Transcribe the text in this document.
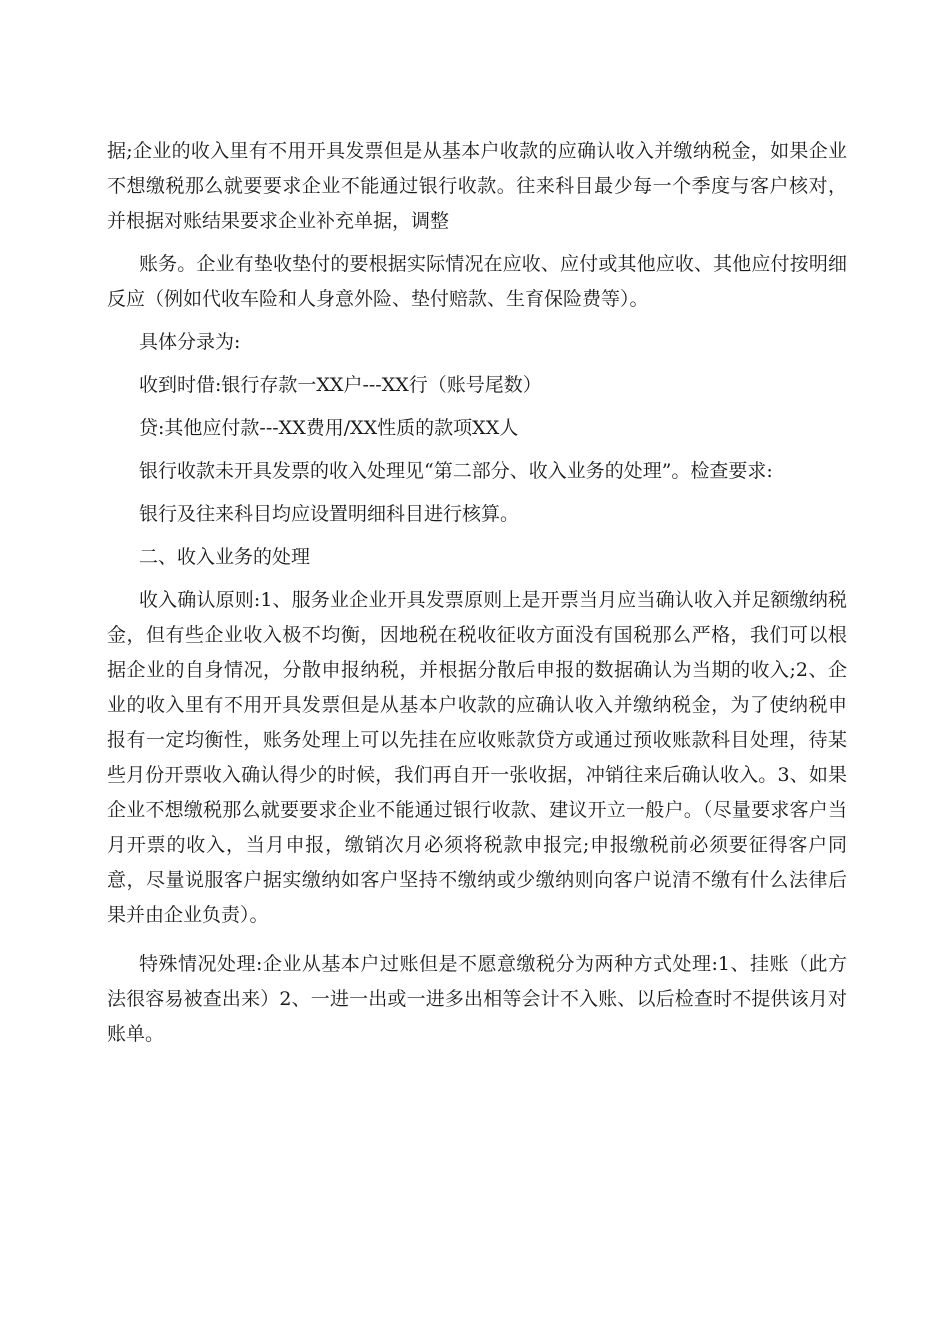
据;企业的收入里有不用开具发票但是从基本户收款的应确认收入并缴纳税金，如果企业不想缴税那么就要要求企业不能通过银行收款。往来科目最少每一个季度与客户核对，并根据对账结果要求企业补充单据，调整

账务。企业有垫收垫付的要根据实际情况在应收、应付或其他应收、其他应付按明细反应（例如代收车险和人身意外险、垫付赔款、生育保险费等）。

具体分录为:

收到时借:银行存款一XX户---XX行（账号尾数）

贷:其他应付款---XX费用/XX性质的款项XX人

银行收款未开具发票的收入处理见“第二部分、收入业务的处理”。检查要求:

银行及往来科目均应设置明细科目进行核算。

二、收入业务的处理

收入确认原则:1、服务业企业开具发票原则上是开票当月应当确认收入并足额缴纳税金，但有些企业收入极不均衡，因地税在税收征收方面没有国税那么严格，我们可以根据企业的自身情况，分散申报纳税，并根据分散后申报的数据确认为当期的收入;2、企业的收入里有不用开具发票但是从基本户收款的应确认收入并缴纳税金，为了使纳税申报有一定均衡性，账务处理上可以先挂在应收账款贷方或通过预收账款科目处理，待某些月份开票收入确认得少的时候，我们再自开一张收据，冲销往来后确认收入。3、如果企业不想缴税那么就要要求企业不能通过银行收款、建议开立一般户。（尽量要求客户当月开票的收入，当月申报，缴销次月必须将税款申报完;申报缴税前必须要征得客户同意，尽量说服客户据实缴纳如客户坚持不缴纳或少缴纳则向客户说清不缴有什么法律后果并由企业负责）。

特殊情况处理:企业从基本户过账但是不愿意缴税分为两种方式处理:1、挂账（此方法很容易被查出来）2、一进一出或一进多出相等会计不入账、以后检查时不提供该月对账单。
